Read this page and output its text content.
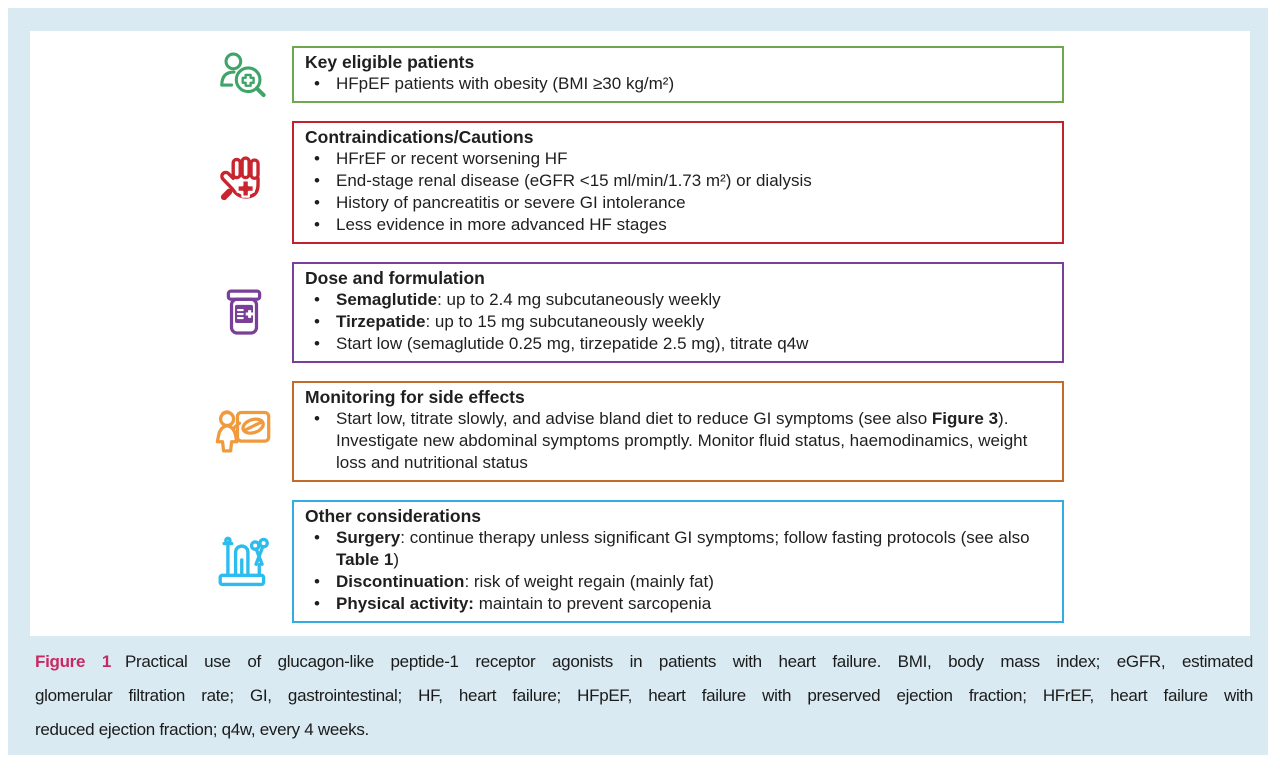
Key eligible patients
• HFpEF patients with obesity (BMI ≥30 kg/m²)
Contraindications/Cautions
• HFrEF or recent worsening HF
• End-stage renal disease (eGFR <15 ml/min/1.73 m²) or dialysis
• History of pancreatitis or severe GI intolerance
• Less evidence in more advanced HF stages
Dose and formulation
• Semaglutide: up to 2.4 mg subcutaneously weekly
• Tirzepatide: up to 15 mg subcutaneously weekly
• Start low (semaglutide 0.25 mg, tirzepatide 2.5 mg), titrate q4w
Monitoring for side effects
• Start low, titrate slowly, and advise bland diet to reduce GI symptoms (see also Figure 3). Investigate new abdominal symptoms promptly. Monitor fluid status, haemodinamics, weight loss and nutritional status
Other considerations
• Surgery: continue therapy unless significant GI symptoms; follow fasting protocols (see also Table 1)
• Discontinuation: risk of weight regain (mainly fat)
• Physical activity: maintain to prevent sarcopenia
Figure 1 Practical use of glucagon-like peptide-1 receptor agonists in patients with heart failure. BMI, body mass index; eGFR, estimated
glomerular filtration rate; GI, gastrointestinal; HF, heart failure; HFpEF, heart failure with preserved ejection fraction; HFrEF, heart failure with
reduced ejection fraction; q4w, every 4 weeks.
